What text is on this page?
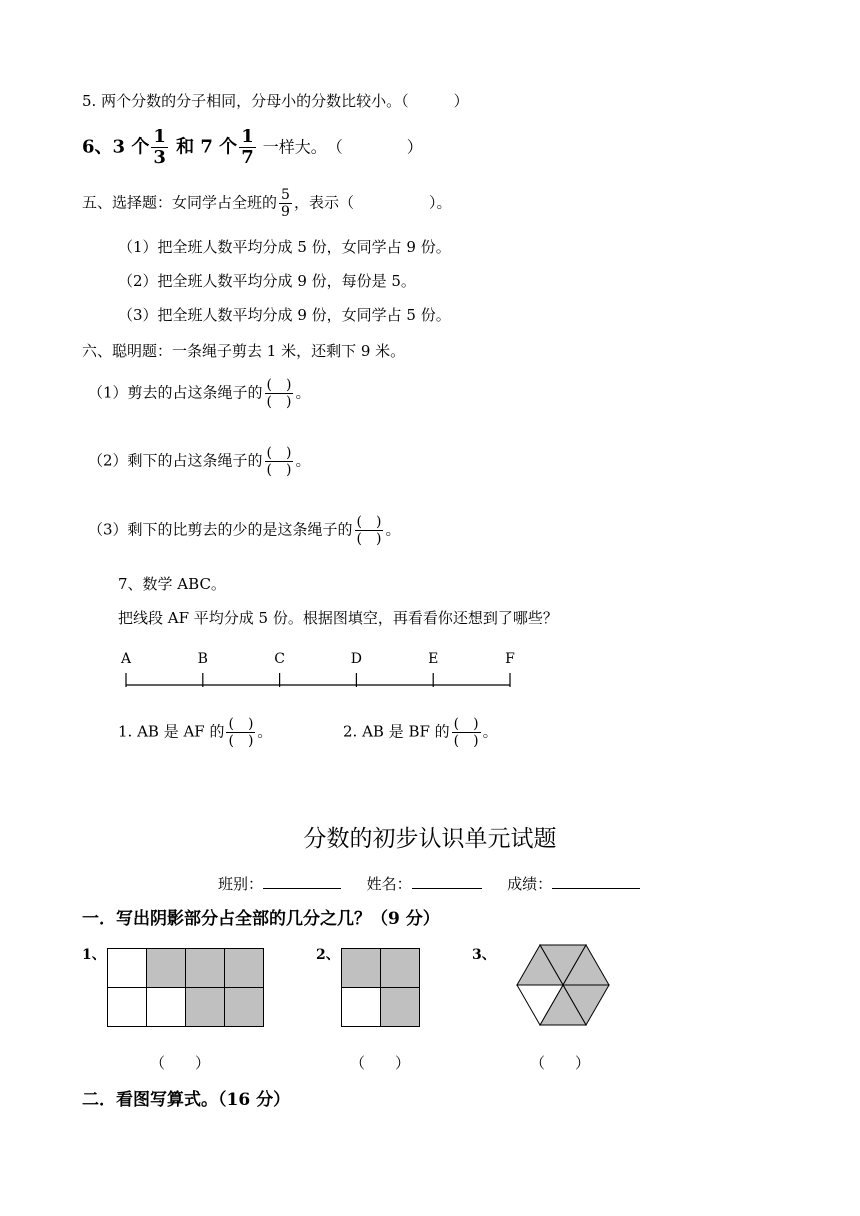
5. 两个分数的分子相同，分母小的分数比较小。（　　　）
6、3 个 $\frac{1}{3}$ 和 7 个 $\frac{1}{7}$ 一样大。　（　　　　）
五、选择题：女同学占全班的 $\frac{5}{9}$ ，表示（　　　　　）。
（1）把全班人数平均分成 5 份，女同学占 9 份。
（2）把全班人数平均分成 9 份，每份是 5。
（3）把全班人数平均分成 9 份，女同学占 5 份。
六、聪明题：一条绳子剪去 1 米，还剩下 9 米。
（1）剪去的占这条绳子的 $\frac{( )}{( )}$ 。
（2）剩下的占这条绳子的 $\frac{( )}{( )}$ 。
（3）剩下的比剪去的少的是这条绳子的 $\frac{( )}{( )}$ 。
7、数学 ABC。
把线段 AF 平均分成 5 份。根据图填空，再看看你还想到了哪些？
A	B	C	D	E	F
1. AB 是 AF 的 $\frac{( )}{( )}$ 。	2. AB 是 BF 的 $\frac{( )}{( )}$ 。
分数的初步认识单元试题
班别：	姓名：	成绩：
一．写出阴影部分占全部的几分之几？（9 分）
1、

（　　）
2、

（　　）
3、
（　　）
二．看图写算式。（16 分）
